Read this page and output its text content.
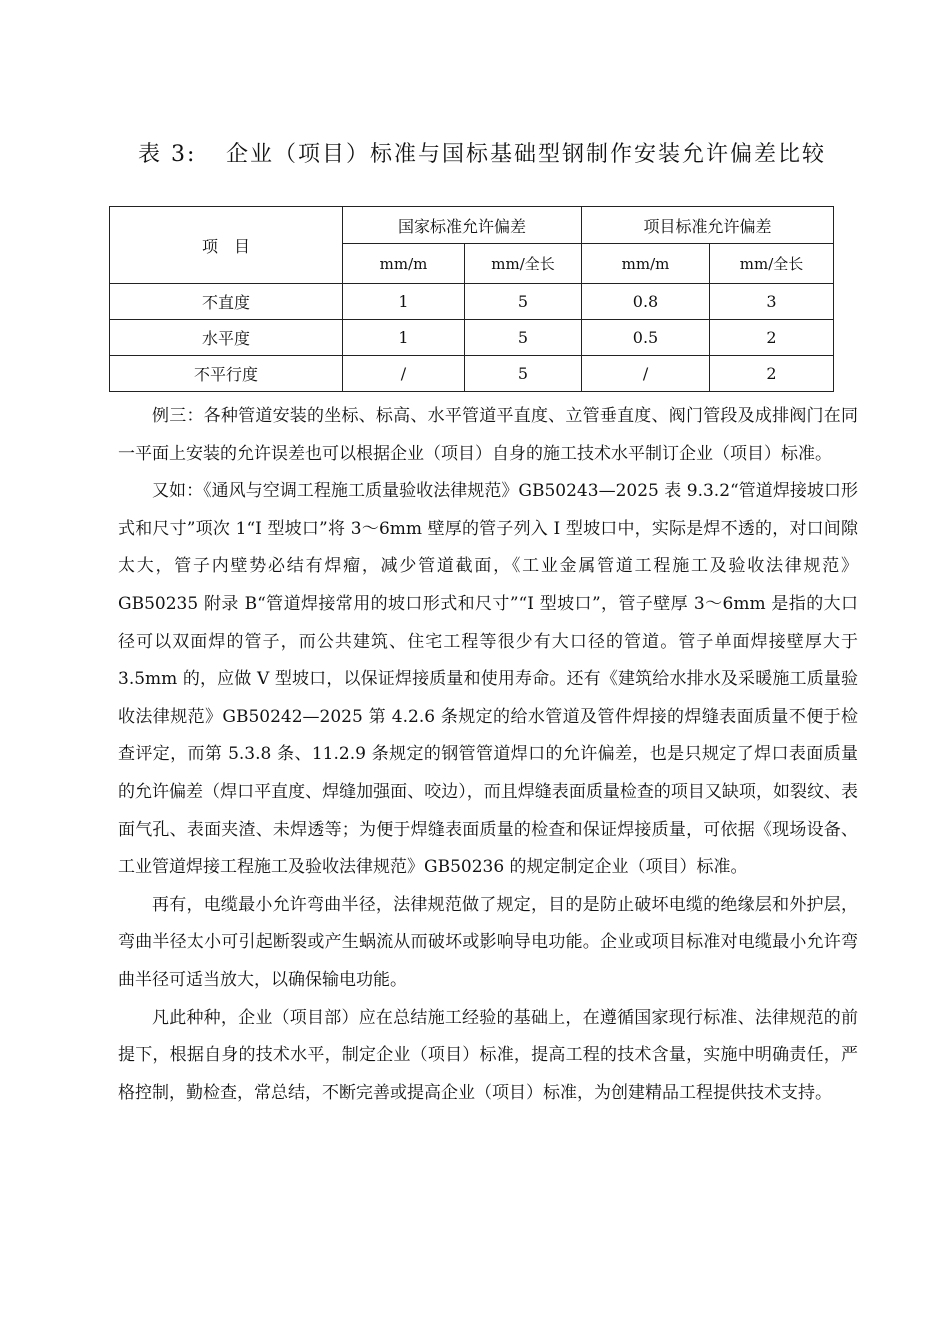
表 3: 企业（项目）标准与国标基础型钢制作安装允许偏差比较
项　目	国家标准允许偏差		项目标准允许偏差	
	mm/m	mm/全长	mm/m	mm/全长
不直度	1	5	0.8	3
水平度	1	5	0.5	2
不平行度	/	5	/	2

例三：各种管道安装的坐标、标高、水平管道平直度、立管垂直度、阀门管段及成排阀门在同一平面上安装的允许误差也可以根据企业（项目）自身的施工技术水平制订企业（项目）标准。

又如：《通风与空调工程施工质量验收法律规范》GB50243—2025 表 9.3.2“管道焊接坡口形式和尺寸”项次 1“I 型坡口”将 3～6mm 壁厚的管子列入 I 型坡口中，实际是焊不透的，对口间隙太大，管子内壁势必结有焊瘤，减少管道截面，《工业金属管道工程施工及验收法律规范》GB50235 附录 B“管道焊接常用的坡口形式和尺寸”“I 型坡口”，管子壁厚 3～6mm 是指的大口径可以双面焊的管子，而公共建筑、住宅工程等很少有大口径的管道。管子单面焊接壁厚大于 3.5mm 的，应做 V 型坡口，以保证焊接质量和使用寿命。还有《建筑给水排水及采暖施工质量验收法律规范》GB50242—2025 第 4.2.6 条规定的给水管道及管件焊接的焊缝表面质量不便于检查评定，而第 5.3.8 条、11.2.9 条规定的钢管管道焊口的允许偏差，也是只规定了焊口表面质量的允许偏差（焊口平直度、焊缝加强面、咬边），而且焊缝表面质量检查的项目又缺项，如裂纹、表面气孔、表面夹渣、未焊透等；为便于焊缝表面质量的检查和保证焊接质量，可依据《现场设备、工业管道焊接工程施工及验收法律规范》GB50236 的规定制定企业（项目）标准。

再有，电缆最小允许弯曲半径，法律规范做了规定，目的是防止破坏电缆的绝缘层和外护层，弯曲半径太小可引起断裂或产生蜗流从而破坏或影响导电功能。企业或项目标准对电缆最小允许弯曲半径可适当放大，以确保输电功能。

凡此种种，企业（项目部）应在总结施工经验的基础上，在遵循国家现行标准、法律规范的前提下，根据自身的技术水平，制定企业（项目）标准，提高工程的技术含量，实施中明确责任，严格控制，勤检查，常总结，不断完善或提高企业（项目）标准，为创建精品工程提供技术支持。
